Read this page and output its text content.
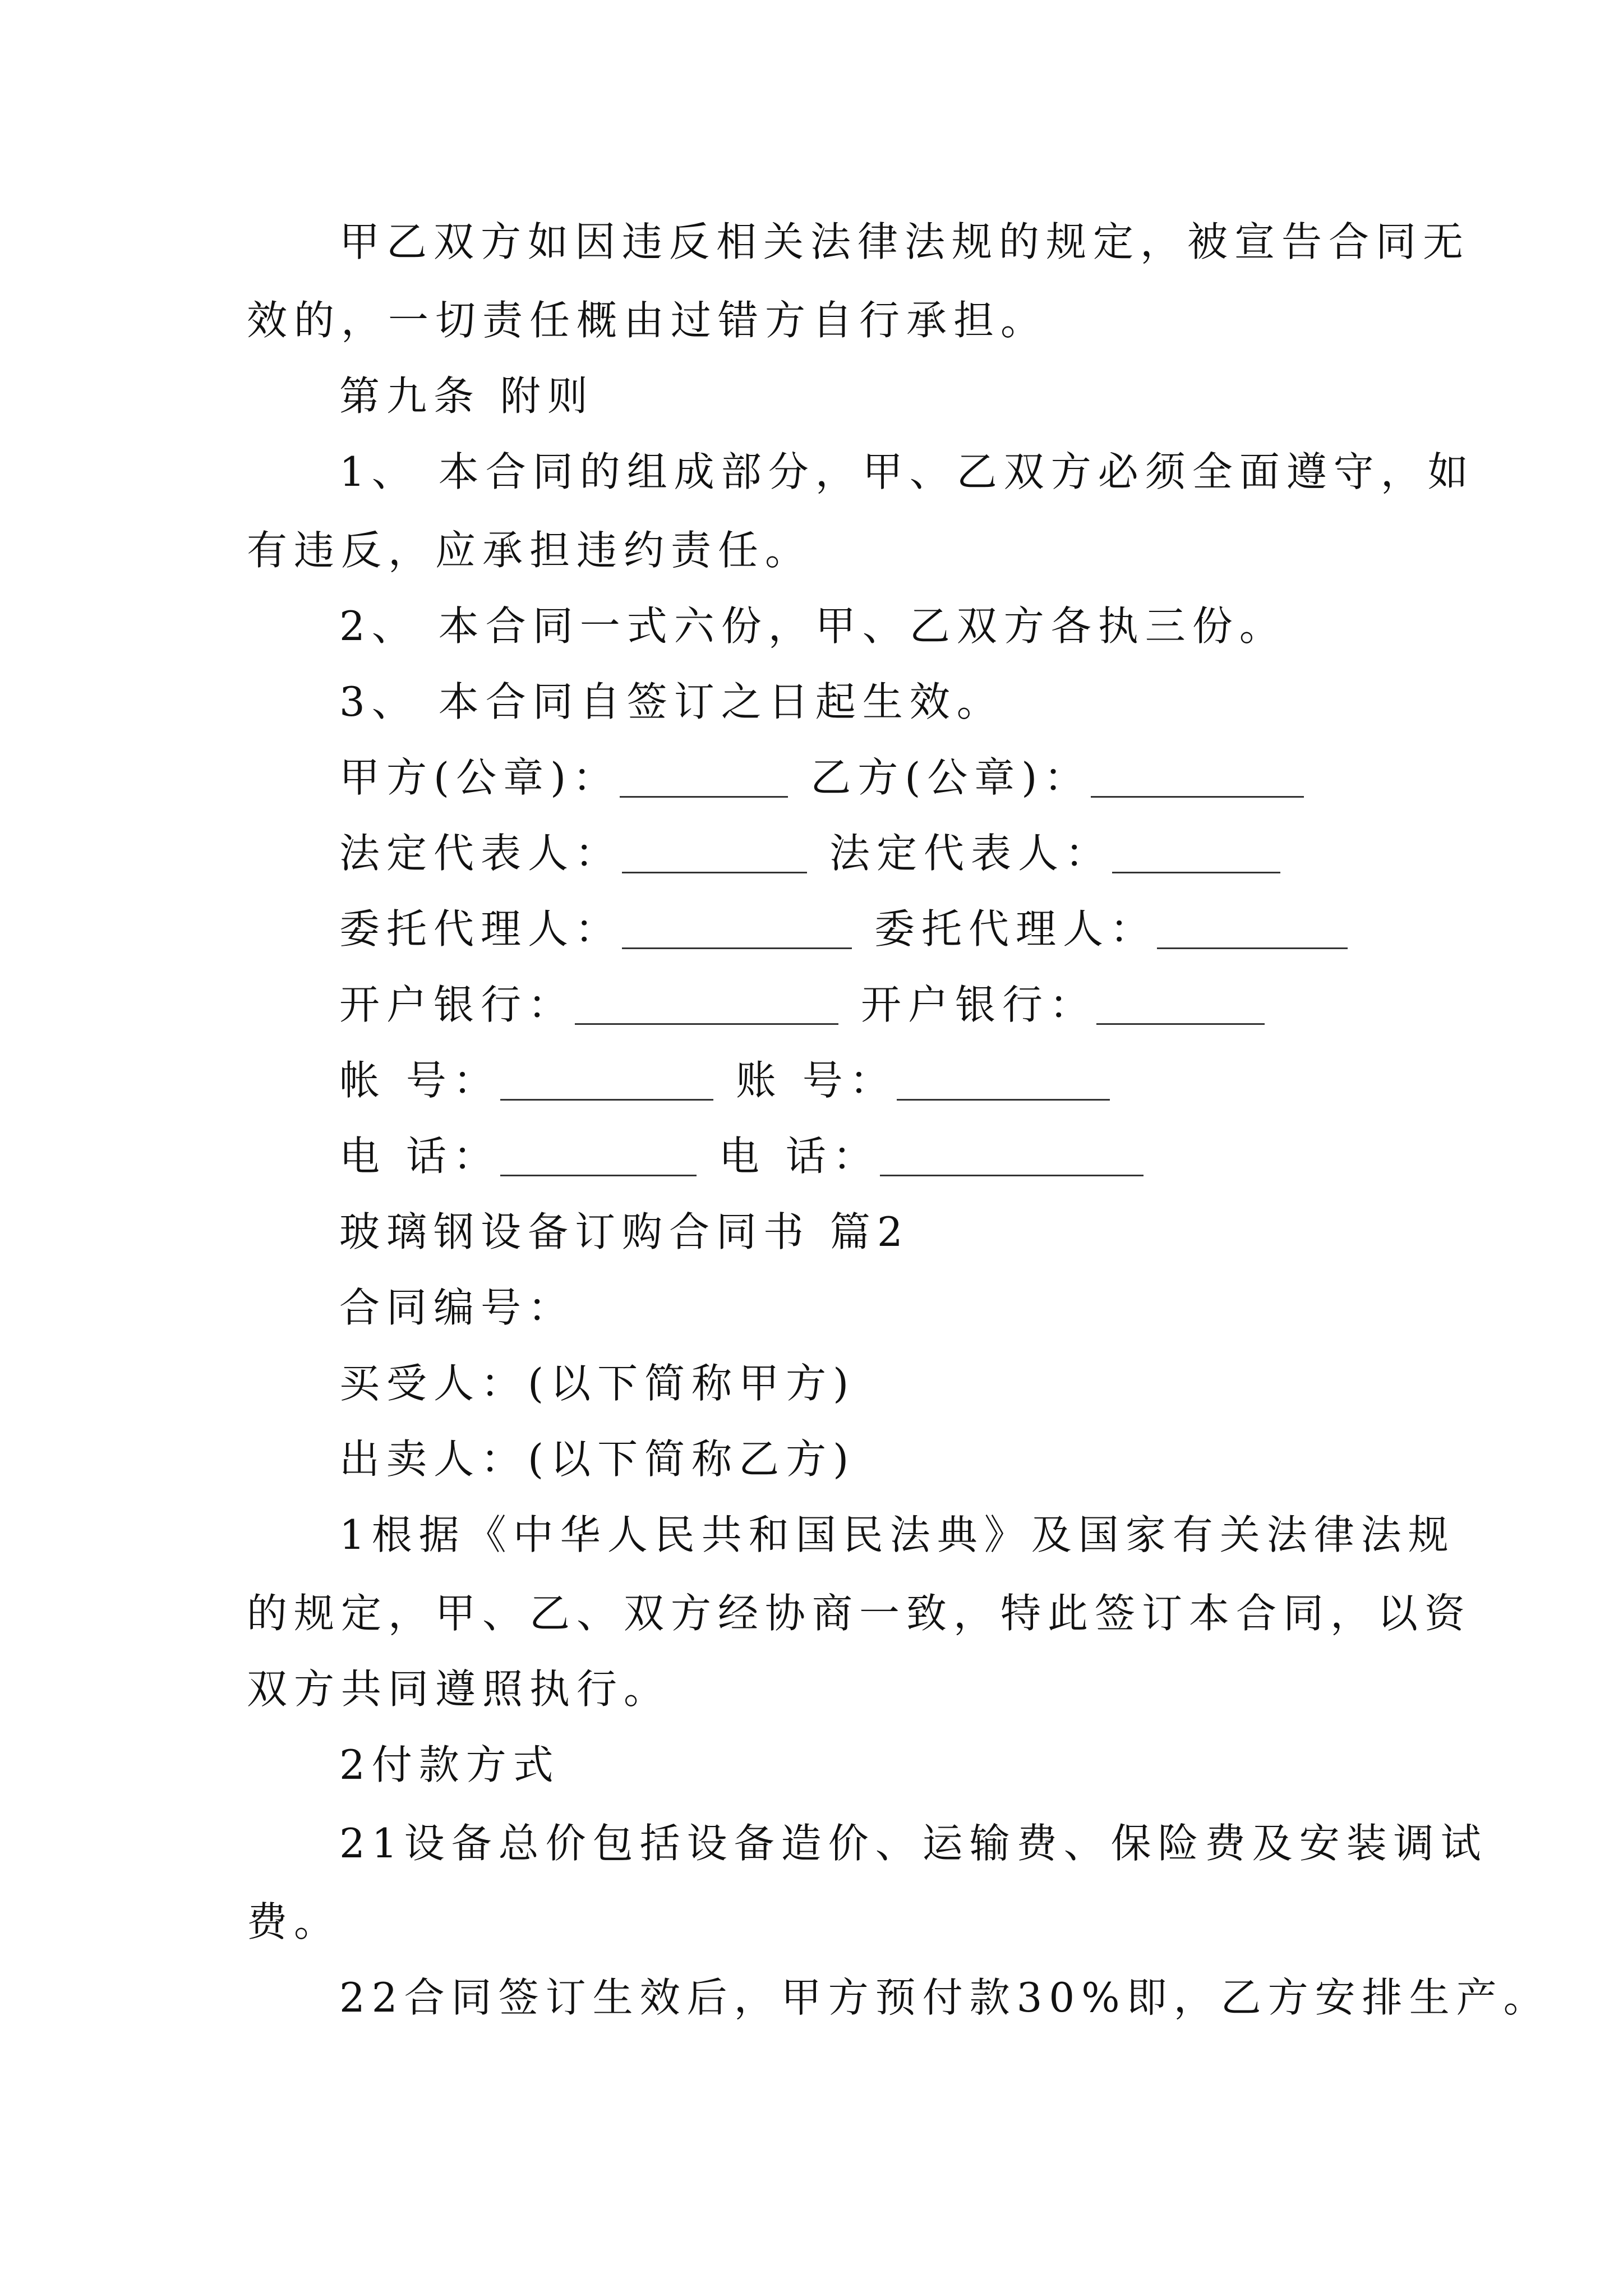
甲乙双方如因违反相关法律法规的规定，被宣告合同无
效的，一切责任概由过错方自行承担。
第九条 附则
1、 本合同的组成部分，甲、乙双方必须全面遵守，如
有违反，应承担违约责任。
2、 本合同一式六份，甲、乙双方各执三份。
3、 本合同自签订之日起生效。
甲方(公章)：	乙方(公章)：
法定代表人：	法定代表人：
委托代理人：	委托代理人：
开户银行：	开户银行：
帐 号：	账 号：
电 话：	电 话：
玻璃钢设备订购合同书 篇2
合同编号：
买受人：(以下简称甲方)
出卖人：(以下简称乙方)
1根据《中华人民共和国民法典》及国家有关法律法规
的规定，甲、乙、双方经协商一致，特此签订本合同，以资
双方共同遵照执行。
2付款方式
21设备总价包括设备造价、运输费、保险费及安装调试
费。
22合同签订生效后，甲方预付款30%即，乙方安排生产。
